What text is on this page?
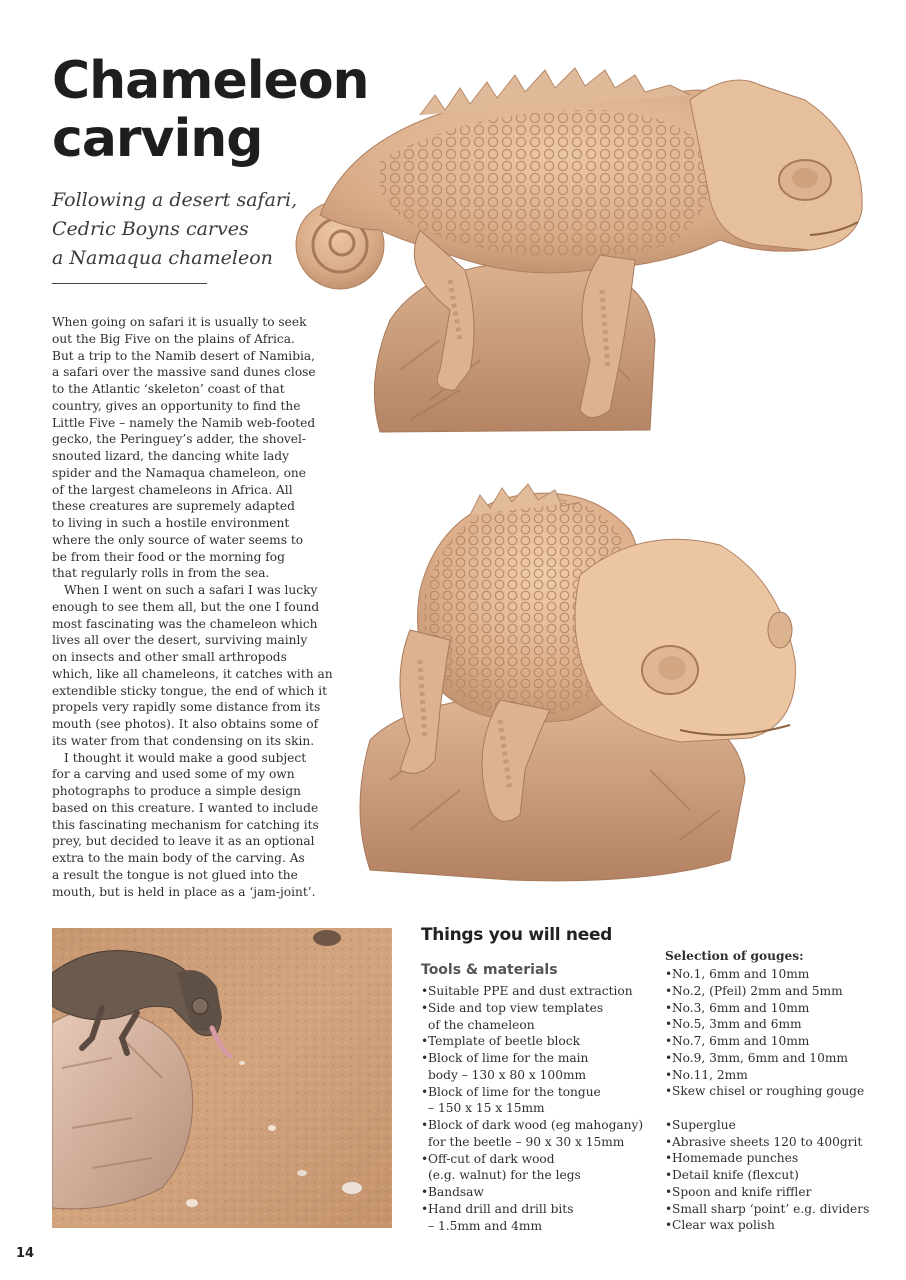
Chameleon
carving
Following a desert safari,
Cedric Boyns carves
a Namaqua chameleon
When going on safari it is usually to seek
out the Big Five on the plains of Africa.
But a trip to the Namib desert of Namibia,
a safari over the massive sand dunes close
to the Atlantic ‘skeleton’ coast of that
country, gives an opportunity to find the
Little Five – namely the Namib web-footed
gecko, the Peringuey’s adder, the shovel-
snouted lizard, the dancing white lady
spider and the Namaqua chameleon, one
of the largest chameleons in Africa. All
these creatures are supremely adapted
to living in such a hostile environment
where the only source of water seems to
be from their food or the morning fog
that regularly rolls in from the sea.
When I went on such a safari I was lucky
enough to see them all, but the one I found
most fascinating was the chameleon which
lives all over the desert, surviving mainly
on insects and other small arthropods
which, like all chameleons, it catches with an
extendible sticky tongue, the end of which it
propels very rapidly some distance from its
mouth (see photos). It also obtains some of
its water from that condensing on its skin.
I thought it would make a good subject
for a carving and used some of my own
photographs to produce a simple design
based on this creature. I wanted to include
this fascinating mechanism for catching its
prey, but decided to leave it as an optional
extra to the main body of the carving. As
a result the tongue is not glued into the
mouth, but is held in place as a ‘jam-joint’.
Things you will need
Tools & materials
• Suitable PPE and dust extraction
• Side and top view templates
of the chameleon
• Template of beetle block
• Block of lime for the main
body – 130 x 80 x 100mm
• Block of lime for the tongue
– 150 x 15 x 15mm
• Block of dark wood (eg mahogany)
for the beetle – 90 x 30 x 15mm
• Off-cut of dark wood
(e.g. walnut) for the legs
• Bandsaw
• Hand drill and drill bits
– 1.5mm and 4mm
Selection of gouges:
• No.1, 6mm and 10mm
• No.2, (Pfeil) 2mm and 5mm
• No.3, 6mm and 10mm
• No.5, 3mm and 6mm
• No.7, 6mm and 10mm
• No.9, 3mm, 6mm and 10mm
• No.11, 2mm
• Skew chisel or roughing gouge
• Superglue
• Abrasive sheets 120 to 400grit
• Homemade punches
• Detail knife (flexcut)
• Spoon and knife riffler
• Small sharp ‘point’ e.g. dividers
• Clear wax polish
14
